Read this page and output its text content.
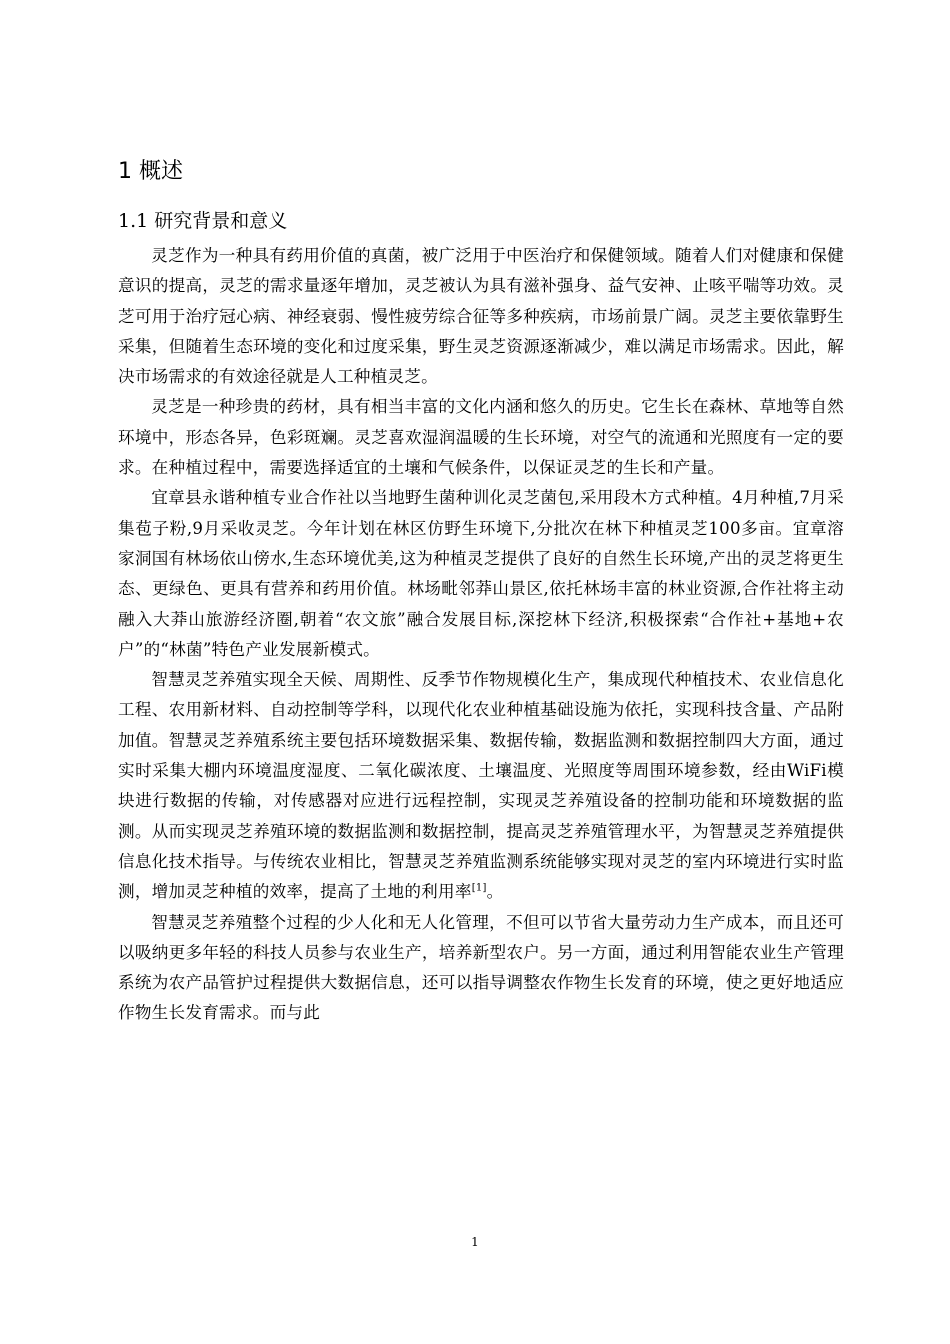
1 概述
1.1 研究背景和意义

灵芝作为一种具有药用价值的真菌，被广泛用于中医治疗和保健领域。随着人们对健康和保健意识的提高，灵芝的需求量逐年增加，灵芝被认为具有滋补强身、益气安神、止咳平喘等功效。灵芝可用于治疗冠心病、神经衰弱、慢性疲劳综合征等多种疾病，市场前景广阔。灵芝主要依靠野生采集，但随着生态环境的变化和过度采集，野生灵芝资源逐渐减少，难以满足市场需求。因此，解决市场需求的有效途径就是人工种植灵芝。

灵芝是一种珍贵的药材，具有相当丰富的文化内涵和悠久的历史。它生长在森林、草地等自然环境中，形态各异，色彩斑斓。灵芝喜欢湿润温暖的生长环境，对空气的流通和光照度有一定的要求。在种植过程中，需要选择适宜的土壤和气候条件，以保证灵芝的生长和产量。

宜章县永谐种植专业合作社以当地野生菌种训化灵芝菌包,采用段木方式种植。4月种植,7月采集苞子粉,9月采收灵芝。今年计划在林区仿野生环境下,分批次在林下种植灵芝100多亩。宜章溶家洞国有林场依山傍水,生态环境优美,这为种植灵芝提供了良好的自然生长环境,产出的灵芝将更生态、更绿色、更具有营养和药用价值。林场毗邻莽山景区,依托林场丰富的林业资源,合作社将主动融入大莽山旅游经济圈,朝着“农文旅”融合发展目标,深挖林下经济,积极探索“合作社+基地+农户”的“林菌”特色产业发展新模式。

智慧灵芝养殖实现全天候、周期性、反季节作物规模化生产，集成现代种植技术、农业信息化工程、农用新材料、自动控制等学科，以现代化农业种植基础设施为依托，实现科技含量、产品附加值。智慧灵芝养殖系统主要包括环境数据采集、数据传输，数据监测和数据控制四大方面，通过实时采集大棚内环境温度湿度、二氧化碳浓度、土壤温度、光照度等周围环境参数，经由WiFi模块进行数据的传输，对传感器对应进行远程控制，实现灵芝养殖设备的控制功能和环境数据的监测。从而实现灵芝养殖环境的数据监测和数据控制，提高灵芝养殖管理水平，为智慧灵芝养殖提供信息化技术指导。与传统农业相比，智慧灵芝养殖监测系统能够实现对灵芝的室内环境进行实时监测，增加灵芝种植的效率，提高了土地的利用率[1]。

智慧灵芝养殖整个过程的少人化和无人化管理，不但可以节省大量劳动力生产成本，而且还可以吸纳更多年轻的科技人员参与农业生产，培养新型农户。另一方面，通过利用智能农业生产管理系统为农产品管护过程提供大数据信息，还可以指导调整农作物生长发育的环境，使之更好地适应作物生长发育需求。而与此

1
